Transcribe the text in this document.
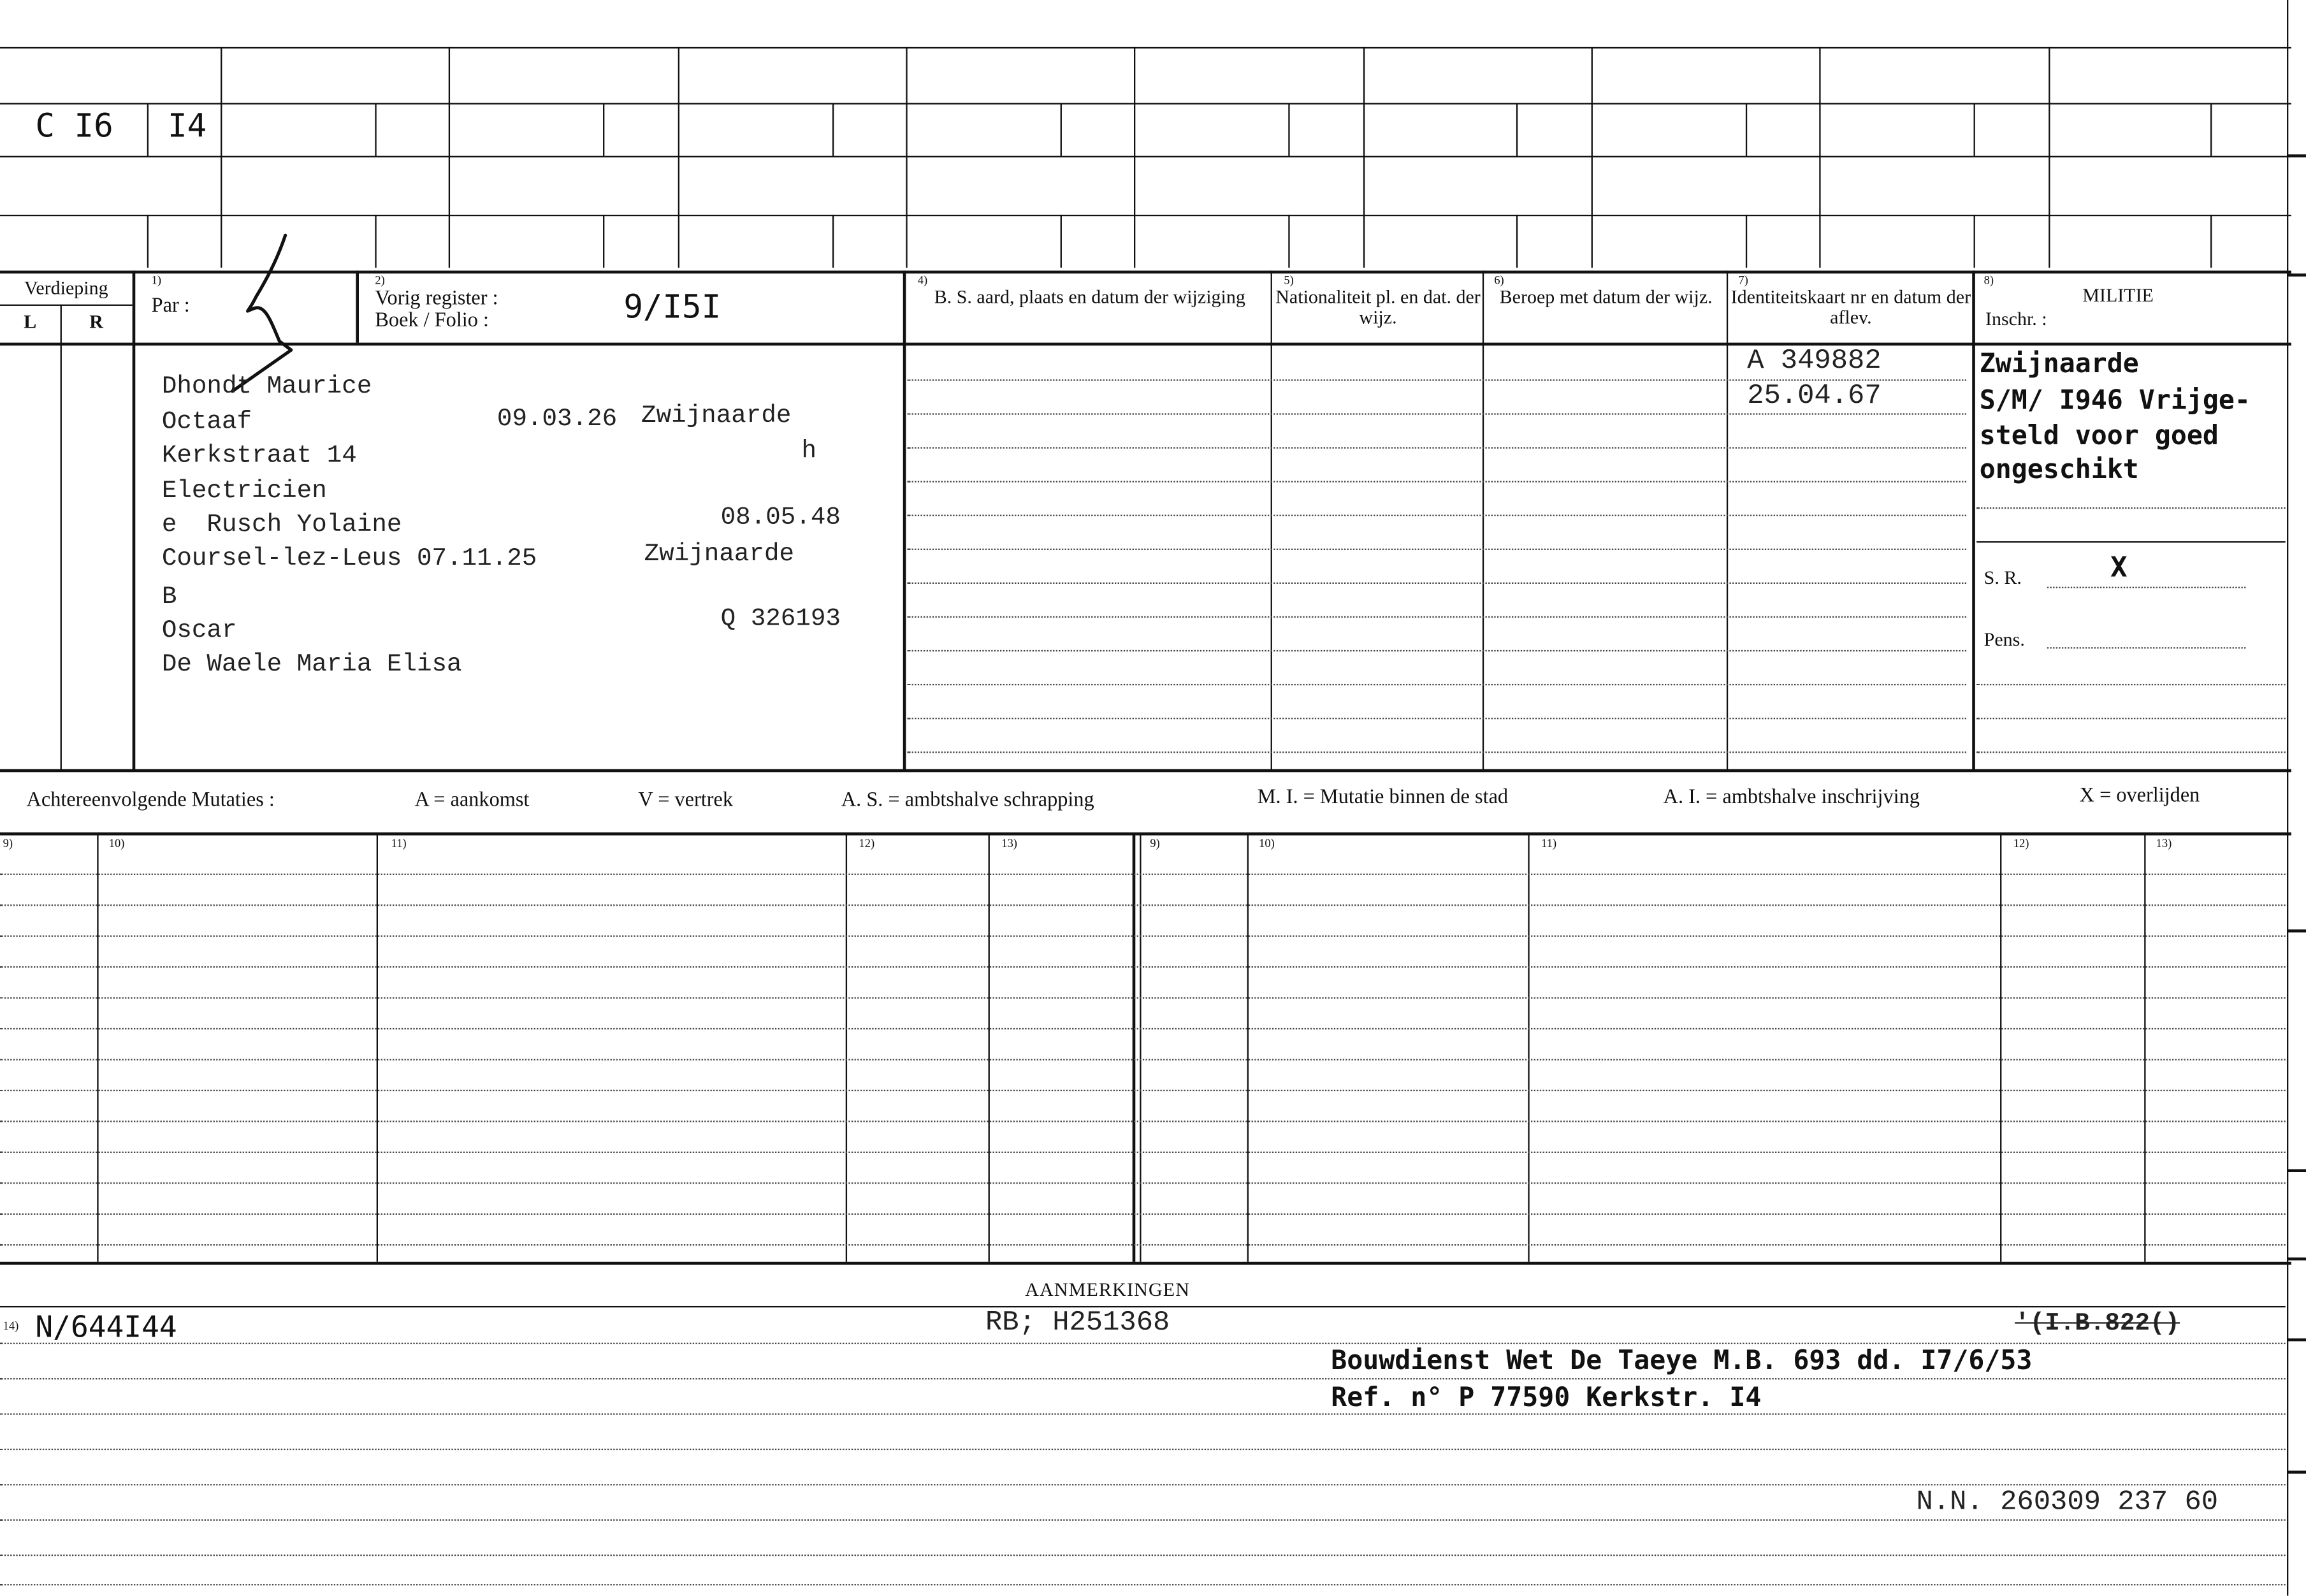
C I6	I4
Verdieping
L	R
1)
Par :
2)
Vorig register :
Boek / Folio :	9/I5I
4)
B. S. aard, plaats en datum der wijziging
5)
Nationaliteit pl. en dat. der wijz.
6)
Beroep met datum der wijz.
7)
Identiteitskaart nr en datum der aflev.
8)
MILITIE
Inschr. :
Dhondt Maurice
Octaaf	09.03.26 Zwijnaarde
Kerkstraat 14	h
Electricien
e  Rusch Yolaine	08.05.48
Coursel-lez-Leus 07.11.25	Zwijnaarde
B
Oscar	Q 326193
De Waele Maria Elisa
A 349882
25.04.67
Zwijnaarde
S/M/ I946 Vrijge-
steld voor goed
ongeschikt
S. R.	X
Pens.
Achtereenvolgende Mutaties :	A = aankomst	V = vertrek	A. S. = ambtshalve schrapping	M. I. = Mutatie binnen de stad	A. I. = ambtshalve inschrijving	X = overlijden
9)	10)	11)	12)	13)	9)	10)	11)	12)	13)
AANMERKINGEN
14) N/644I44	RB; H251368	'(I.B.822()
Bouwdienst Wet De Taeye M.B. 693 dd. I7/6/53
Ref. n° P 77590 Kerkstr. I4
N.N. 260309 237 60
